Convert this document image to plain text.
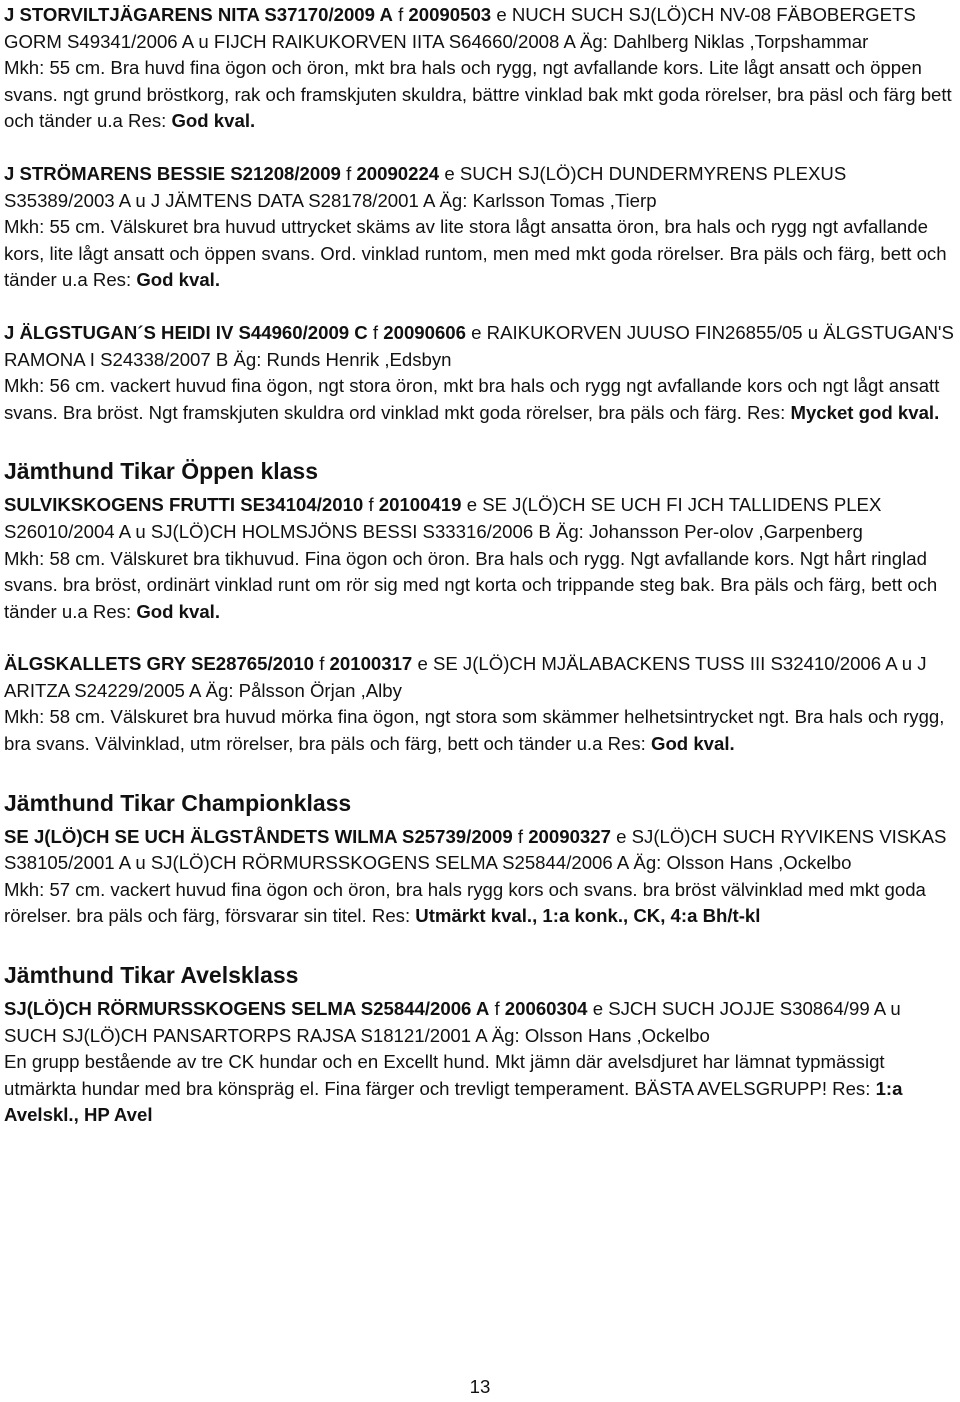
J STORVILTJÄGARENS NITA S37170/2009 A f 20090503 e NUCH SUCH SJ(LÖ)CH NV-08 FÄBOBERGETS GORM S49341/2006 A u FIJCH RAIKUKORVEN IITA S64660/2008 A Äg: Dahlberg Niklas ,Torpshammar
Mkh: 55 cm. Bra huvd fina ögon och öron, mkt bra hals och rygg, ngt avfallande kors. Lite lågt ansatt och öppen svans. ngt grund bröstkorg, rak och framskjuten skuldra, bättre vinklad bak mkt goda rörelser, bra päsl och färg bett och tänder u.a Res: God kval.

J STRÖMARENS BESSIE S21208/2009 f 20090224 e SUCH SJ(LÖ)CH DUNDERMYRENS PLEXUS S35389/2003 A u J JÄMTENS DATA S28178/2001 A Äg: Karlsson Tomas ,Tierp
Mkh: 55 cm. Välskuret bra huvud uttrycket skäms av lite stora lågt ansatta öron, bra hals och rygg ngt avfallande kors, lite lågt ansatt och öppen svans. Ord. vinklad runtom, men med mkt goda rörelser. Bra päls och färg, bett och tänder u.a Res: God kval.

J ÄLGSTUGAN´S HEIDI IV S44960/2009 C f 20090606 e RAIKUKORVEN JUUSO FIN26855/05 u ÄLGSTUGAN'S RAMONA I S24338/2007 B Äg: Runds Henrik ,Edsbyn
Mkh: 56 cm. vackert huvud fina ögon, ngt stora öron, mkt bra hals och rygg ngt avfallande kors och ngt lågt ansatt svans. Bra bröst. Ngt framskjuten skuldra ord vinklad mkt goda rörelser, bra päls och färg. Res: Mycket god kval.

Jämthund Tikar Öppen klass

SULVIKSKOGENS FRUTTI SE34104/2010 f 20100419 e SE J(LÖ)CH SE UCH FI JCH TALLIDENS PLEX S26010/2004 A u SJ(LÖ)CH HOLMSJÖNS BESSI S33316/2006 B Äg: Johansson Per-olov ,Garpenberg
Mkh: 58 cm. Välskuret bra tikhuvud. Fina ögon och öron. Bra hals och rygg. Ngt avfallande kors. Ngt hårt ringlad svans. bra bröst, ordinärt vinklad runt om rör sig med ngt korta och trippande steg bak. Bra päls och färg, bett och tänder u.a Res: God kval.

ÄLGSKALLETS GRY SE28765/2010 f 20100317 e SE J(LÖ)CH MJÄLABACKENS TUSS III S32410/2006 A u J ARITZA S24229/2005 A Äg: Pålsson Örjan ,Alby
Mkh: 58 cm. Välskuret bra huvud mörka fina ögon, ngt stora som skämmer helhetsintrycket ngt. Bra hals och rygg, bra svans. Välvinklad, utm rörelser, bra päls och färg, bett och tänder u.a Res: God kval.

Jämthund Tikar Championklass

SE J(LÖ)CH SE UCH ÄLGSTÅNDETS WILMA S25739/2009 f 20090327 e SJ(LÖ)CH SUCH RYVIKENS VISKAS S38105/2001 A u SJ(LÖ)CH RÖRMURSSKOGENS SELMA S25844/2006 A Äg: Olsson Hans ,Ockelbo
Mkh: 57 cm. vackert huvud fina ögon och öron, bra hals rygg kors och svans. bra bröst välvinklad med mkt goda rörelser. bra päls och färg, försvarar sin titel. Res: Utmärkt kval., 1:a konk., CK, 4:a Bh/t-kl

Jämthund Tikar Avelsklass

SJ(LÖ)CH RÖRMURSSKOGENS SELMA S25844/2006 A f 20060304 e SJCH SUCH JOJJE S30864/99 A u SUCH SJ(LÖ)CH PANSARTORPS RAJSA S18121/2001 A Äg: Olsson Hans ,Ockelbo
En grupp bestående av tre CK hundar och en Excellt hund. Mkt jämn där avelsdjuret har lämnat typmässigt utmärkta hundar med bra könspräg el. Fina färger och trevligt temperament. BÄSTA AVELSGRUPP! Res: 1:a Avelskl., HP Avel

13
